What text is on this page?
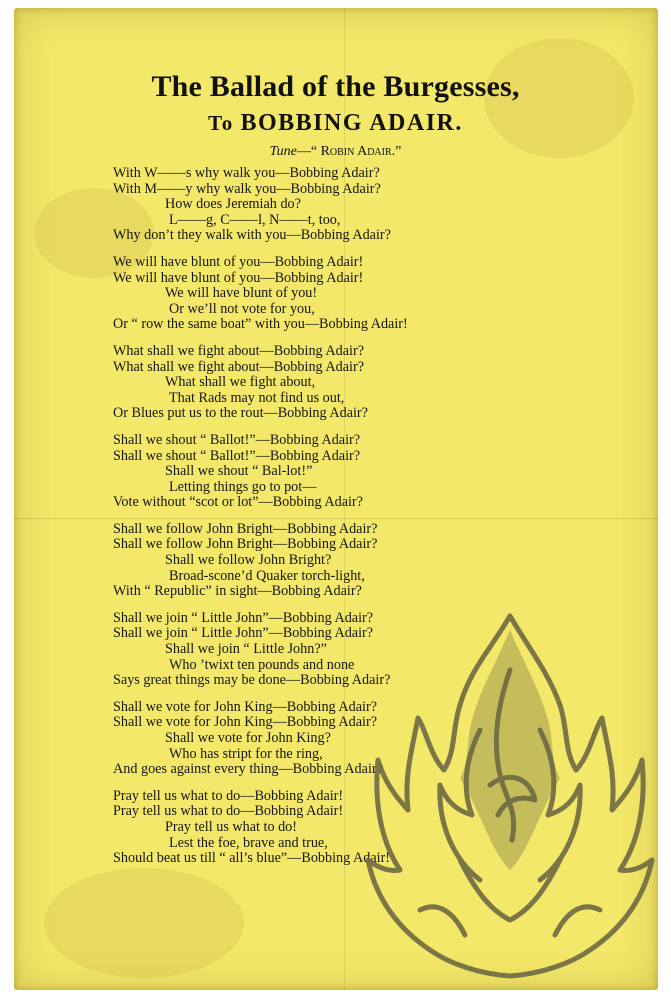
The Ballad of the Burgesses,
To BOBBING ADAIR.
Tune—“ Robin Adair.”
With W——s why walk you—Bobbing Adair?
With M——y why walk you—Bobbing Adair?
How does Jeremiah do?
L——g, C——l, N——t, too,
Why don’t they walk with you—Bobbing Adair?
We will have blunt of you—Bobbing Adair!
We will have blunt of you—Bobbing Adair!
We will have blunt of you!
Or we’ll not vote for you,
Or “ row the same boat” with you—Bobbing Adair!
What shall we fight about—Bobbing Adair?
What shall we fight about—Bobbing Adair?
What shall we fight about,
That Rads may not find us out,
Or Blues put us to the rout—Bobbing Adair?
Shall we shout “ Ballot!”—Bobbing Adair?
Shall we shout “ Ballot!”—Bobbing Adair?
Shall we shout “ Bal-lot!”
Letting things go to pot—
Vote without “scot or lot”—Bobbing Adair?
Shall we follow John Bright—Bobbing Adair?
Shall we follow John Bright—Bobbing Adair?
Shall we follow John Bright?
Broad-scone’d Quaker torch-light,
With “ Republic” in sight—Bobbing Adair?
Shall we join “ Little John”—Bobbing Adair?
Shall we join “ Little John”—Bobbing Adair?
Shall we join “ Little John?”
Who ’twixt ten pounds and none
Says great things may be done—Bobbing Adair?
Shall we vote for John King—Bobbing Adair?
Shall we vote for John King—Bobbing Adair?
Shall we vote for John King?
Who has stript for the ring,
And goes against every thing—Bobbing Adair?
Pray tell us what to do—Bobbing Adair!
Pray tell us what to do—Bobbing Adair!
Pray tell us what to do!
Lest the foe, brave and true,
Should beat us till “ all’s blue”—Bobbing Adair!
